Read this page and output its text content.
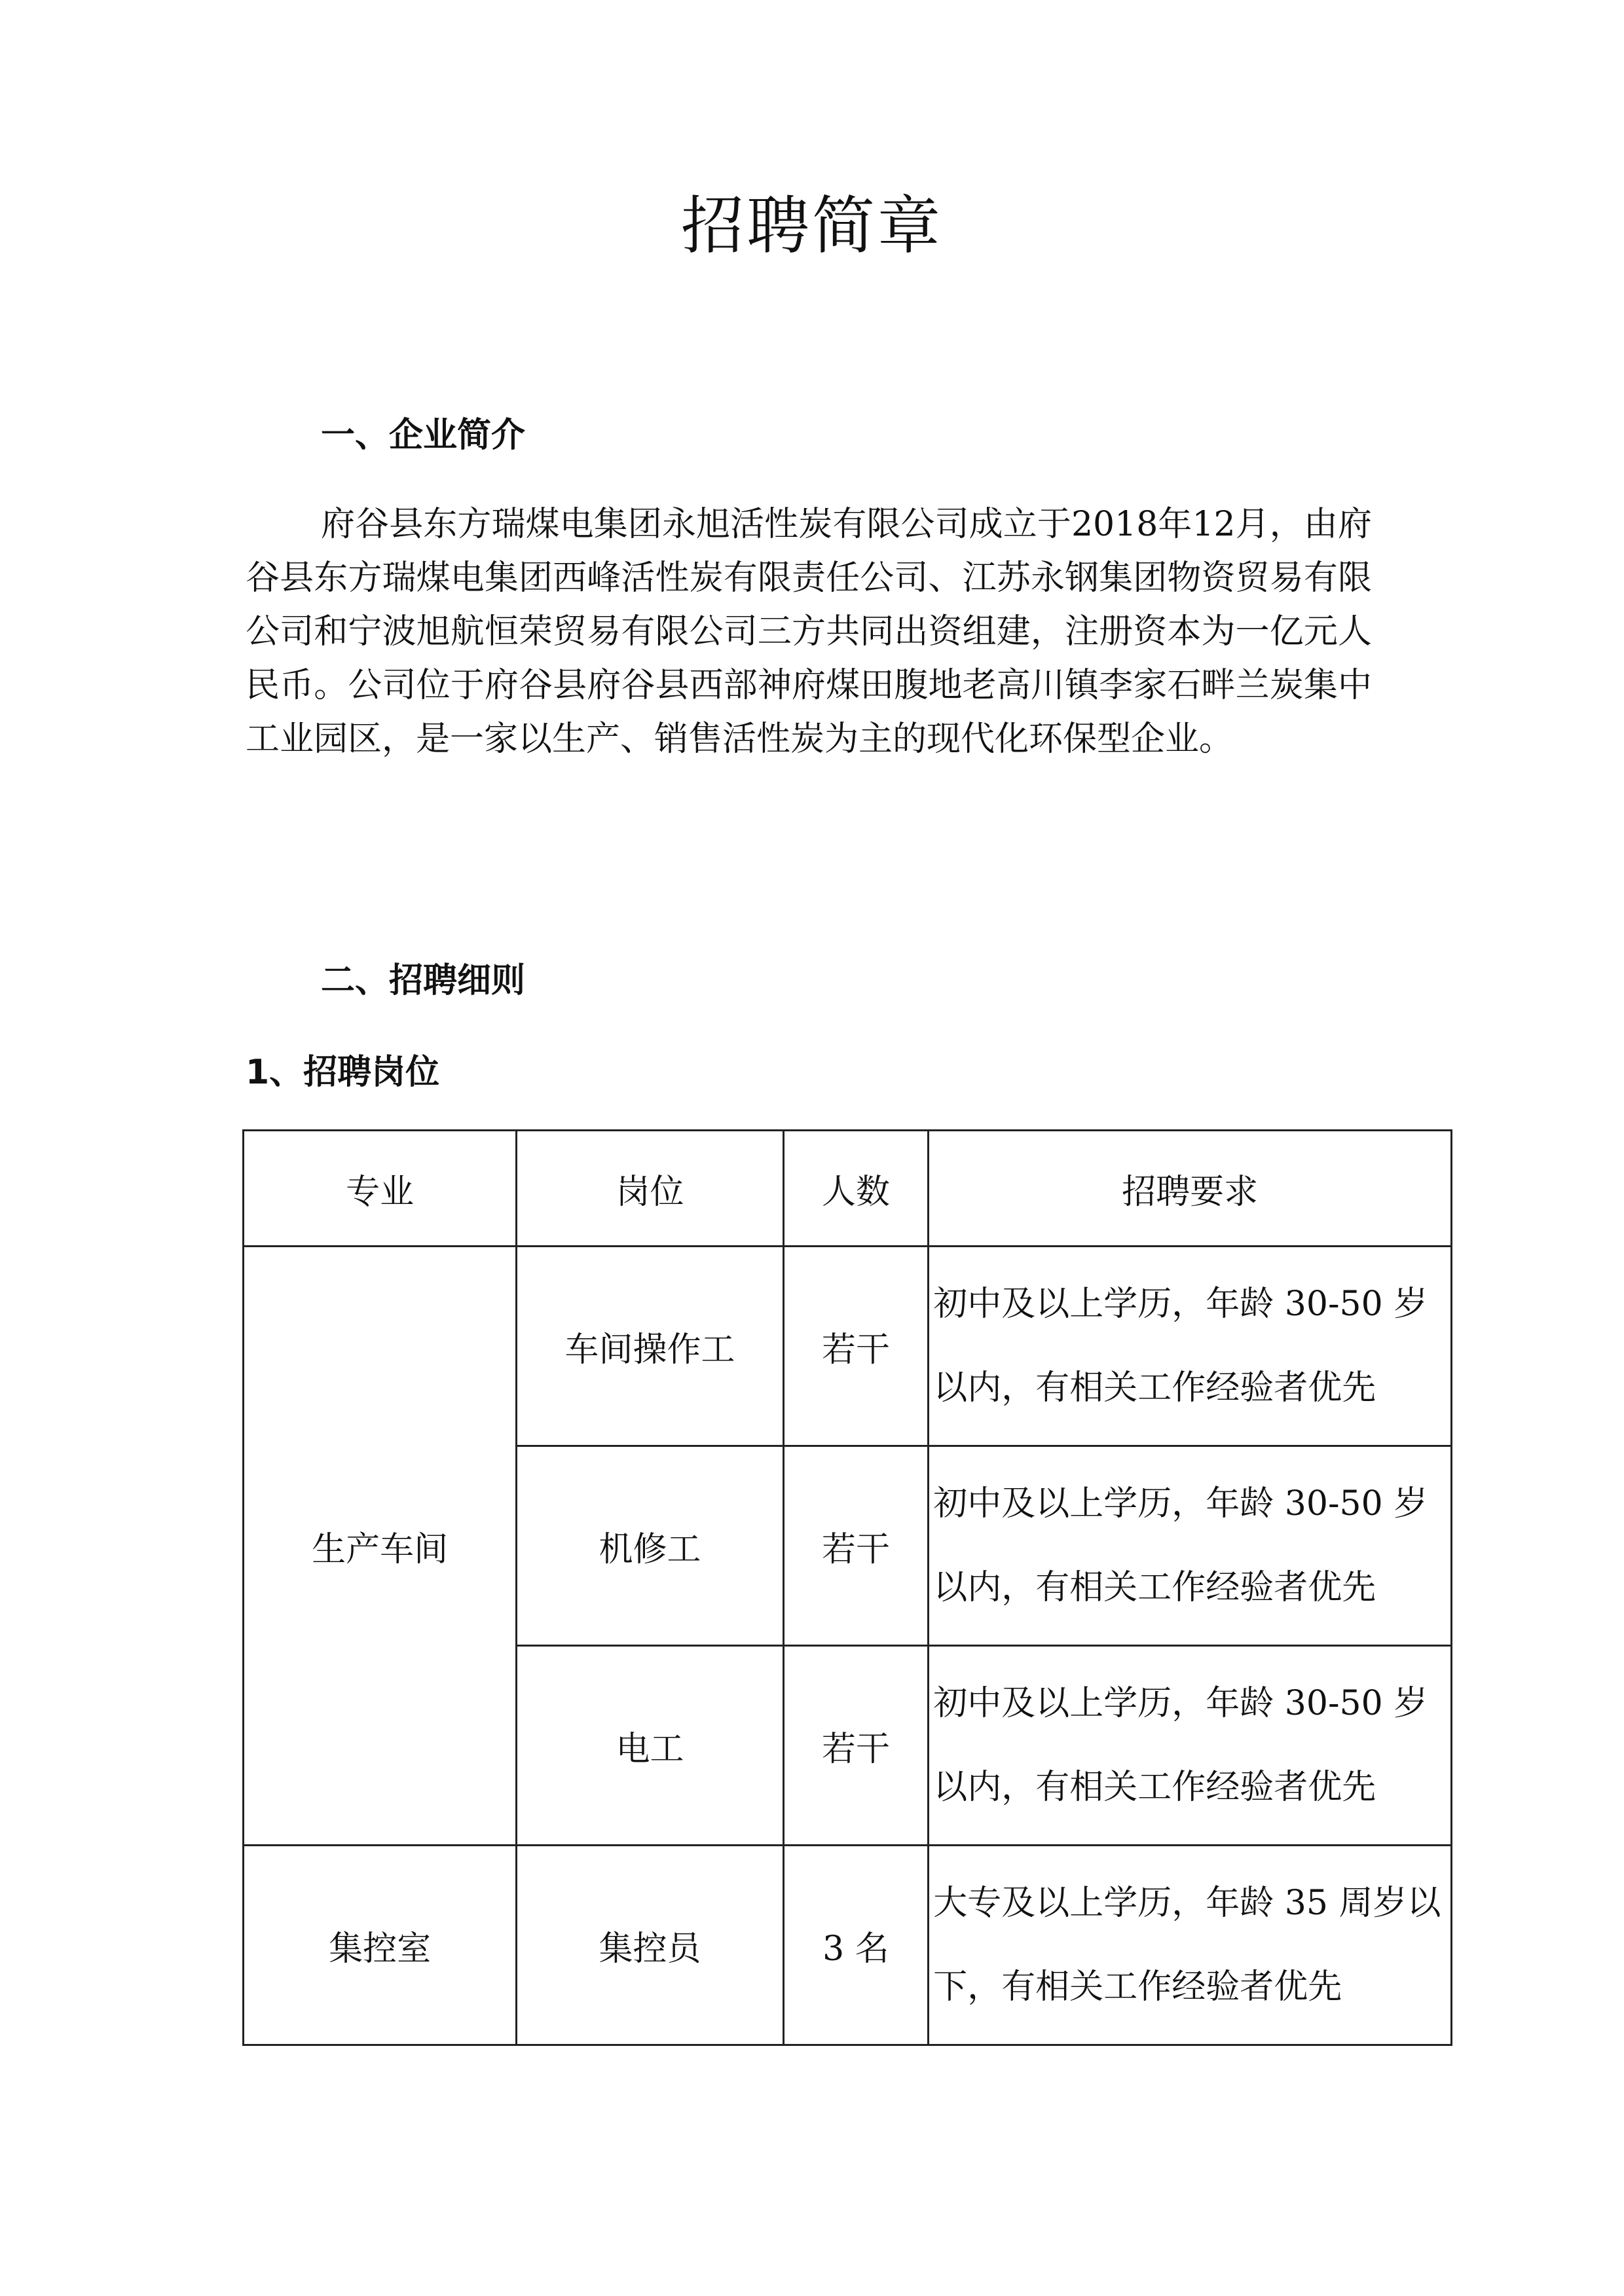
招聘简章
一、企业简介

府谷县东方瑞煤电集团永旭活性炭有限公司成立于2018年12月，由府谷县东方瑞煤电集团西峰活性炭有限责任公司、江苏永钢集团物资贸易有限公司和宁波旭航恒荣贸易有限公司三方共同出资组建，注册资本为一亿元人民币。公司位于府谷县府谷县西部神府煤田腹地老高川镇李家石畔兰炭集中工业园区，是一家以生产、销售活性炭为主的现代化环保型企业。

二、招聘细则
1、招聘岗位
专业	岗位	人数	招聘要求
生产车间	车间操作工	若干	初中及以上学历，年龄 30-50 岁以内，有相关工作经验者优先
	机修工	若干	初中及以上学历，年龄 30-50 岁以内，有相关工作经验者优先
	电工	若干	初中及以上学历，年龄 30-50 岁以内，有相关工作经验者优先
集控室	集控员	3 名	大专及以上学历，年龄 35 周岁以下，有相关工作经验者优先
